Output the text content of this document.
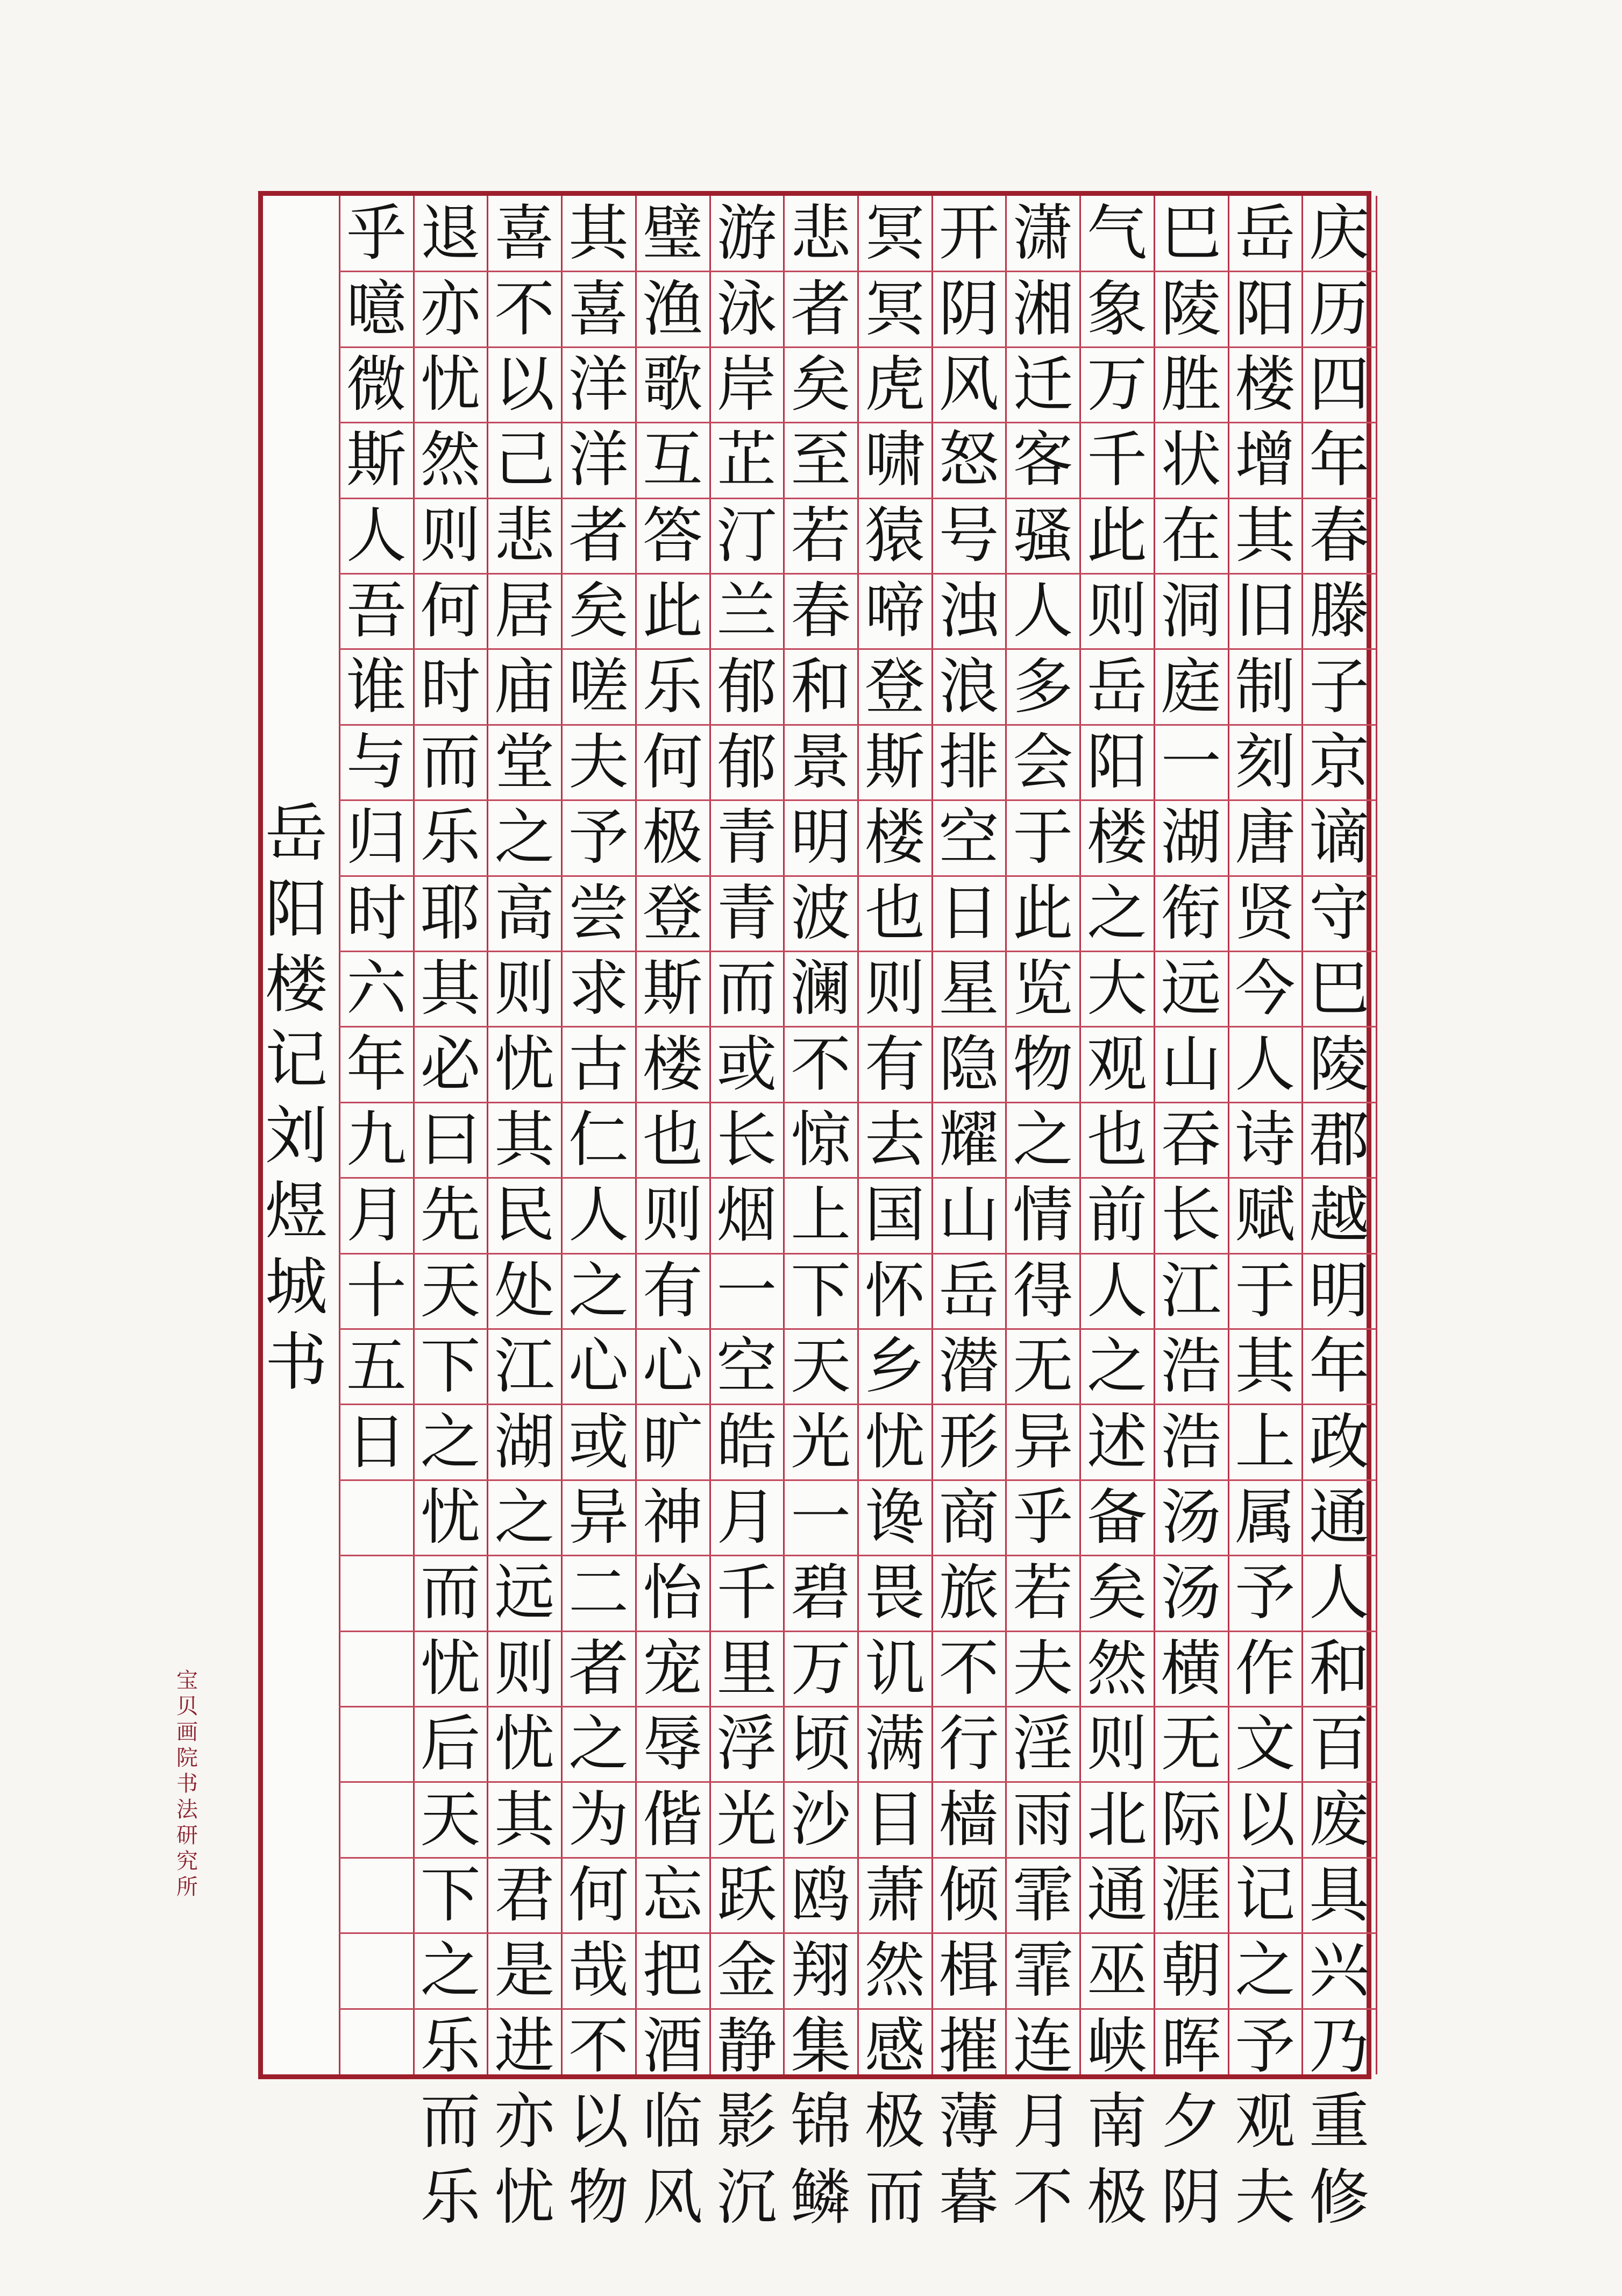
庆
历
四
年
春
滕
子
京
谪
守
巴
陵
郡
越
明
年
政
通
人
和
百
废
具
兴
乃
重
修
岳
阳
楼
增
其
旧
制
刻
唐
贤
今
人
诗
赋
于
其
上
属
予
作
文
以
记
之
予
观
夫
巴
陵
胜
状
在
洞
庭
一
湖
衔
远
山
吞
长
江
浩
浩
汤
汤
横
无
际
涯
朝
晖
夕
阴
气
象
万
千
此
则
岳
阳
楼
之
大
观
也
前
人
之
述
备
矣
然
则
北
通
巫
峡
南
极
潇
湘
迁
客
骚
人
多
会
于
此
览
物
之
情
得
无
异
乎
若
夫
淫
雨
霏
霏
连
月
不
开
阴
风
怒
号
浊
浪
排
空
日
星
隐
耀
山
岳
潜
形
商
旅
不
行
樯
倾
楫
摧
薄
暮
冥
冥
虎
啸
猿
啼
登
斯
楼
也
则
有
去
国
怀
乡
忧
谗
畏
讥
满
目
萧
然
感
极
而
悲
者
矣
至
若
春
和
景
明
波
澜
不
惊
上
下
天
光
一
碧
万
顷
沙
鸥
翔
集
锦
鳞
游
泳
岸
芷
汀
兰
郁
郁
青
青
而
或
长
烟
一
空
皓
月
千
里
浮
光
跃
金
静
影
沉
璧
渔
歌
互
答
此
乐
何
极
登
斯
楼
也
则
有
心
旷
神
怡
宠
辱
偕
忘
把
酒
临
风
其
喜
洋
洋
者
矣
嗟
夫
予
尝
求
古
仁
人
之
心
或
异
二
者
之
为
何
哉
不
以
物
喜
不
以
己
悲
居
庙
堂
之
高
则
忧
其
民
处
江
湖
之
远
则
忧
其
君
是
进
亦
忧
退
亦
忧
然
则
何
时
而
乐
耶
其
必
曰
先
天
下
之
忧
而
忧
后
天
下
之
乐
而
乐
乎
噫
微
斯
人
吾
谁
与
归
时
六
年
九
月
十
五
日
岳
阳
楼
记
刘
煜
城
书
宝
贝
画
院
书
法
研
究
所
